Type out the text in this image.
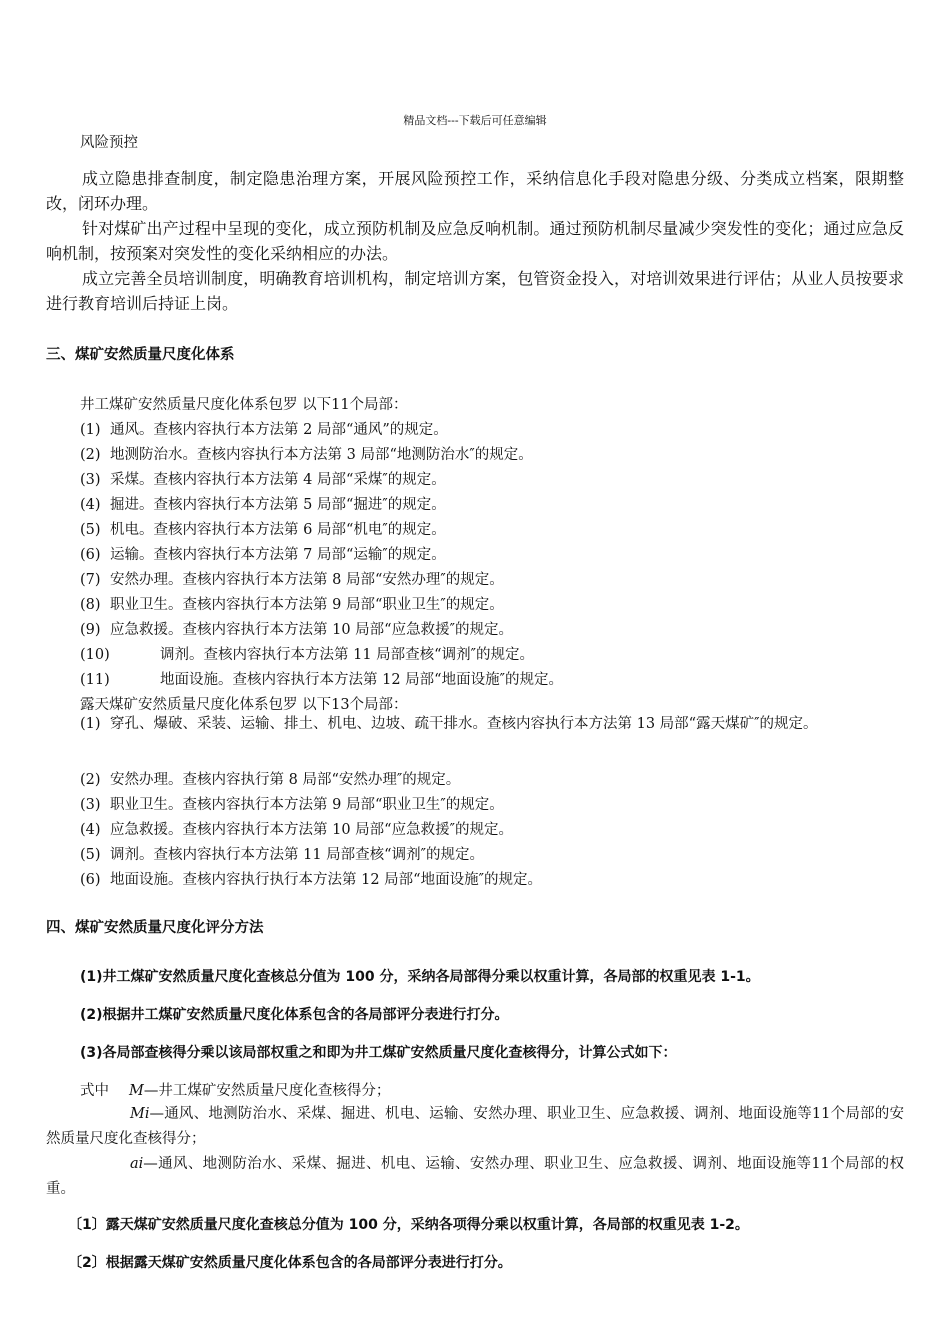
精品文档---下载后可任意编辑
风险预控
成立隐患排查制度，制定隐患治理方案，开展风险预控工作，采纳信息化手段对隐患分级、分类成立档案，限期整改，闭环办理。
针对煤矿出产过程中呈现的变化，成立预防机制及应急反响机制。通过预防机制尽量减少突发性的变化；通过应急反响机制，按预案对突发性的变化采纳相应的办法。
成立完善全员培训制度，明确教育培训机构，制定培训方案，包管资金投入，对培训效果进行评估；从业人员按要求进行教育培训后持证上岗。
三、煤矿安然质量尺度化体系
井工煤矿安然质量尺度化体系包罗 以下11个局部：
(1) 通风。查核内容执行本方法第 2 局部“通风”的规定。
(2) 地测防治水。查核内容执行本方法第 3 局部“地测防治水″的规定。
(3) 采煤。查核内容执行本方法第 4 局部“采煤″的规定。
(4) 掘进。查核内容执行本方法第 5 局部“掘进″的规定。
(5) 机电。查核内容执行本方法第 6 局部“机电″的规定。
(6) 运输。查核内容执行本方法第 7 局部“运输″的规定。
(7) 安然办理。查核内容执行本方法第 8 局部“安然办理″的规定。
(8) 职业卫生。查核内容执行本方法第 9 局部“职业卫生″的规定。
(9) 应急救援。查核内容执行本方法第 10 局部“应急救援″的规定。
(10)	调剂。查核内容执行本方法第 11 局部查核“调剂″的规定。
(11)	地面设施。查核内容执行本方法第 12 局部“地面设施″的规定。
露天煤矿安然质量尺度化体系包罗 以下13个局部：
(1) 穿孔、爆破、采装、运输、排土、机电、边坡、疏干排水。查核内容执行本方法第 13 局部“露天煤矿″的规定。
(2) 安然办理。查核内容执行第 8 局部“安然办理″的规定。
(3) 职业卫生。查核内容执行本方法第 9 局部“职业卫生″的规定。
(4) 应急救援。查核内容执行本方法第 10 局部“应急救援″的规定。
(5) 调剂。查核内容执行本方法第 11 局部查核“调剂″的规定。
(6) 地面设施。查核内容执行执行本方法第 12 局部“地面设施″的规定。
四、煤矿安然质量尺度化评分方法
(1)井工煤矿安然质量尺度化查核总分值为 100 分，采纳各局部得分乘以权重计算，各局部的权重见表 1-1。
(2)根据井工煤矿安然质量尺度化体系包含的各局部评分表进行打分。
(3)各局部查核得分乘以该局部权重之和即为井工煤矿安然质量尺度化查核得分，计算公式如下：
式中 M—井工煤矿安然质量尺度化查核得分；
Mi—通风、地测防治水、采煤、掘进、机电、运输、安然办理、职业卫生、应急救援、调剂、地面设施等11个局部的安然质量尺度化查核得分；
ai—通风、地测防治水、采煤、掘进、机电、运输、安然办理、职业卫生、应急救援、调剂、地面设施等11个局部的权重。
〔1〕露天煤矿安然质量尺度化查核总分值为 100 分，采纳各项得分乘以权重计算，各局部的权重见表 1-2。
〔2〕根据露天煤矿安然质量尺度化体系包含的各局部评分表进行打分。
